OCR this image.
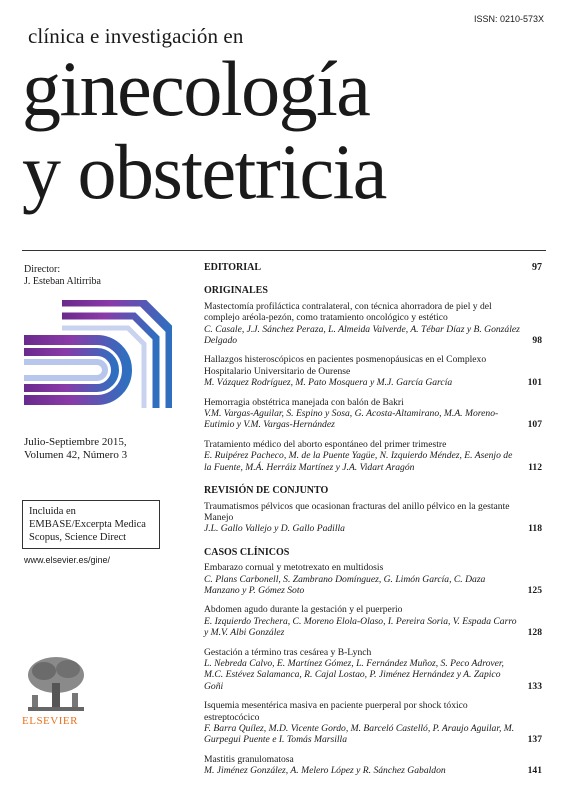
ISSN: 0210-573X
clínica e investigación en
ginecología
y obstetricia
Director:
J. Esteban Altirriba
Julio-Septiembre 2015,
Volumen 42, Número 3
Incluida en
EMBASE/Excerpta Medica
Scopus, Science Direct
www.elsevier.es/gine/
ELSEVIER
EDITORIAL	97
ORIGINALES
Mastectomía profiláctica contralateral, con técnica ahorradora de piel y del complejo aréola-pezón, como tratamiento oncológico y estético
C. Casale, J.J. Sánchez Peraza, L. Almeida Valverde, A. Tébar Díaz y B. González Delgado	98
Hallazgos histeroscópicos en pacientes posmenopáusicas en el Complexo Hospitalario Universitario de Ourense
M. Vázquez Rodríguez, M. Pato Mosquera y M.J. García García	101
Hemorragia obstétrica manejada con balón de Bakri
V.M. Vargas-Aguilar, S. Espino y Sosa, G. Acosta-Altamirano, M.A. Moreno-Eutimio y V.M. Vargas-Hernández	107
Tratamiento médico del aborto espontáneo del primer trimestre
E. Ruipérez Pacheco, M. de la Puente Yagüe, N. Izquierdo Méndez, E. Asenjo de la Fuente, M.Á. Herráiz Martínez y J.A. Vidart Aragón	112
REVISIÓN DE CONJUNTO
Traumatismos pélvicos que ocasionan fracturas del anillo pélvico en la gestante Manejo
J.L. Gallo Vallejo y D. Gallo Padilla	118
CASOS CLÍNICOS
Embarazo cornual y metotrexato en multidosis
C. Plans Carbonell, S. Zambrano Domínguez, G. Limón García, C. Daza Manzano y P. Gómez Soto	125
Abdomen agudo durante la gestación y el puerperio
E. Izquierdo Trechera, C. Moreno Elola-Olaso, I. Pereira Soria, V. Espada Carro y M.V. Albi González	128
Gestación a término tras cesárea y B-Lynch
L. Nebreda Calvo, E. Martínez Gómez, L. Fernández Muñoz, S. Peco Adrover, M.C. Estévez Salamanca, R. Cajal Lostao, P. Jiménez Hernández y A. Zapico Goñi	133
Isquemia mesentérica masiva en paciente puerperal por shock tóxico estreptocócico
F. Barra Quílez, M.D. Vicente Gordo, M. Barceló Castelló, P. Araujo Aguilar, M. Gurpegui Puente e I. Tomás Marsilla	137
Mastitis granulomatosa
M. Jiménez González, A. Melero López y R. Sánchez Gabaldon	141
